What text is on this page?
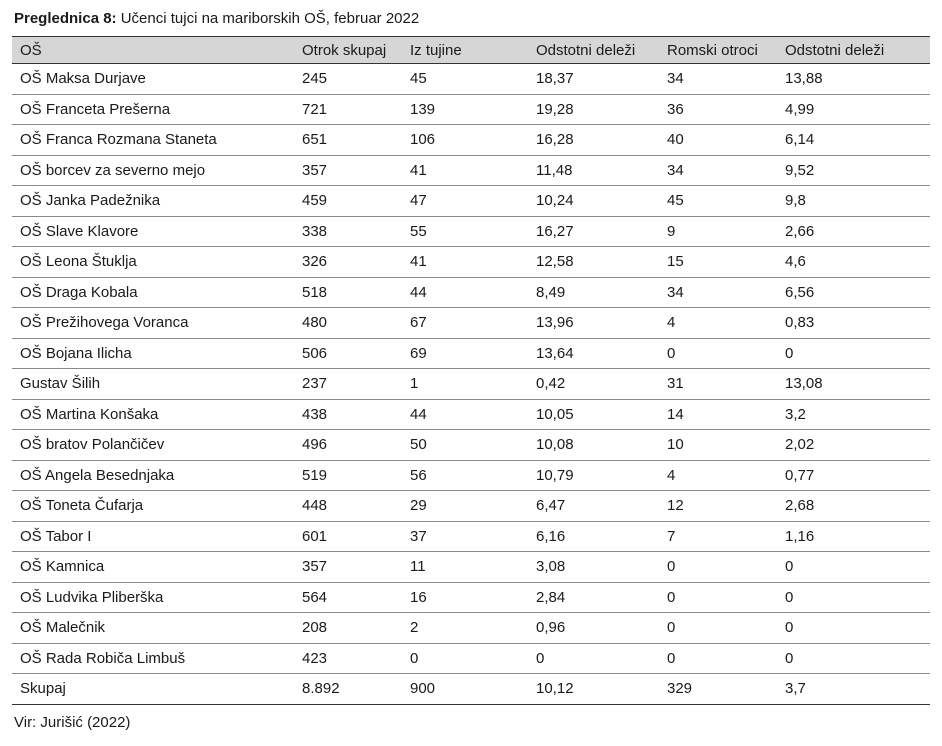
Preglednica 8: Učenci tujci na mariborskih OŠ, februar 2022
OŠ	Otrok skupaj	Iz tujine	Odstotni deleži	Romski otroci	Odstotni deleži
OŠ Maksa Durjave	245	45	18,37	34	13,88
OŠ Franceta Prešerna	721	139	19,28	36	4,99
OŠ Franca Rozmana Staneta	651	106	16,28	40	6,14
OŠ borcev za severno mejo	357	41	11,48	34	9,52
OŠ Janka Padežnika	459	47	10,24	45	9,8
OŠ Slave Klavore	338	55	16,27	9	2,66
OŠ Leona Štuklja	326	41	12,58	15	4,6
OŠ Draga Kobala	518	44	8,49	34	6,56
OŠ Prežihovega Voranca	480	67	13,96	4	0,83
OŠ Bojana Ilicha	506	69	13,64	0	0
Gustav Šilih	237	1	0,42	31	13,08
OŠ Martina Konšaka	438	44	10,05	14	3,2
OŠ bratov Polančičev	496	50	10,08	10	2,02
OŠ Angela Besednjaka	519	56	10,79	4	0,77
OŠ Toneta Čufarja	448	29	6,47	12	2,68
OŠ Tabor I	601	37	6,16	7	1,16
OŠ Kamnica	357	11	3,08	0	0
OŠ Ludvika Pliberška	564	16	2,84	0	0
OŠ Malečnik	208	2	0,96	0	0
OŠ Rada Robiča Limbuš	423	0	0	0	0
Skupaj	8.892	900	10,12	329	3,7
Vir: Jurišić (2022)
